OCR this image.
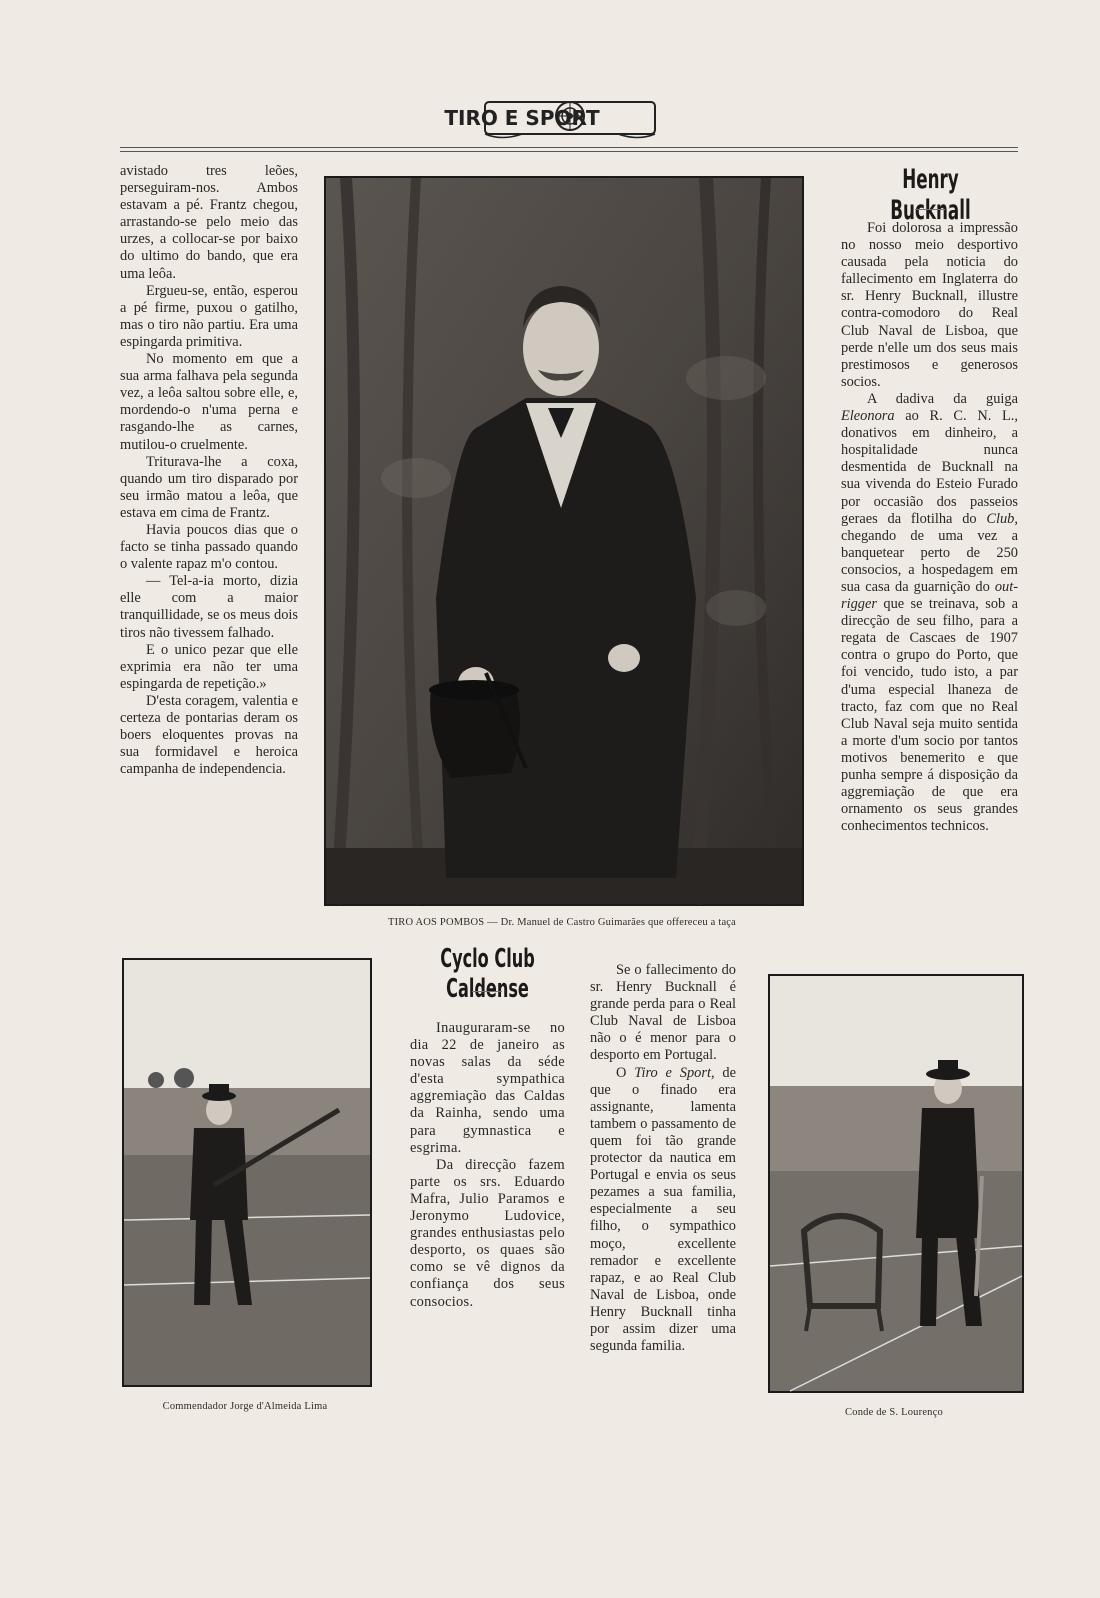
TIRO E SPORT

avistado tres leões, perseguiram-nos. Ambos estavam a pé. Frantz chegou, arrastando-se pelo meio das urzes, a collocar-se por baixo do ultimo do bando, que era uma leôa.

Ergueu-se, então, esperou a pé firme, puxou o gatilho, mas o tiro não partiu. Era uma espingarda primitiva.

No momento em que a sua arma falhava pela segunda vez, a leôa saltou sobre elle, e, mordendo-o n'uma perna e rasgando-lhe as carnes, mutilou-o cruelmente.

Triturava-lhe a coxa, quando um tiro disparado por seu irmão matou a leôa, que estava em cima de Frantz.

Havia poucos dias que o facto se tinha passado quando o valente rapaz m'o contou.

— Tel-a-ia morto, dizia elle com a maior tranquillidade, se os meus dois tiros não tivessem falhado.

E o unico pezar que elle exprimia era não ter uma espingarda de repetição.»

D'esta coragem, valentia e certeza de pontarias deram os boers eloquentes provas na sua formidavel e heroica campanha de independencia.

TIRO AOS POMBOS — Dr. Manuel de Castro Guimarães que offereceu a taça
Henry Bucknall

Foi dolorosa a impressão no nosso meio desportivo causada pela noticia do fallecimento em Inglaterra do sr. Henry Bucknall, illustre contra-comodoro do Real Club Naval de Lisboa, que perde n'elle um dos seus mais prestimosos e generosos socios.

A dadiva da guiga Eleonora ao R. C. N. L., donativos em dinheiro, a hospitalidade nunca desmentida de Bucknall na sua vivenda do Esteio Furado por occasião dos passeios geraes da flotilha do Club, chegando de uma vez a banquetear perto de 250 consocios, a hospedagem em sua casa da guarnição do out-rigger que se treinava, sob a direcção de seu filho, para a regata de Cascaes de 1907 contra o grupo do Porto, que foi vencido, tudo isto, a par d'uma especial lhaneza de tracto, faz com que no Real Club Naval seja muito sentida a morte d'um socio por tantos motivos benemerito e que punha sempre á disposição da aggremiação de que era ornamento os seus grandes conhecimentos technicos.

Commendador Jorge d'Almeida Lima
Cyclo Club Caldense

Inauguraram-se no dia 22 de janeiro as novas salas da séde d'esta sympathica aggremiação das Caldas da Rainha, sendo uma para gymnastica e esgrima.

Da direcção fazem parte os srs. Eduardo Mafra, Julio Paramos e Jeronymo Ludovice, grandes enthusiastas pelo desporto, os quaes são como se vê dignos da confiança dos seus consocios.

Se o fallecimento do sr. Henry Bucknall é grande perda para o Real Club Naval de Lisboa não o é menor para o desporto em Portugal.

O Tiro e Sport, de que o finado era assignante, lamenta tambem o passamento de quem foi tão grande protector da nautica em Portugal e envia os seus pezames a sua familia, especialmente a seu filho, o sympathico moço, excellente remador e excellente rapaz, e ao Real Club Naval de Lisboa, onde Henry Bucknall tinha por assim dizer uma segunda familia.

Conde de S. Lourenço
